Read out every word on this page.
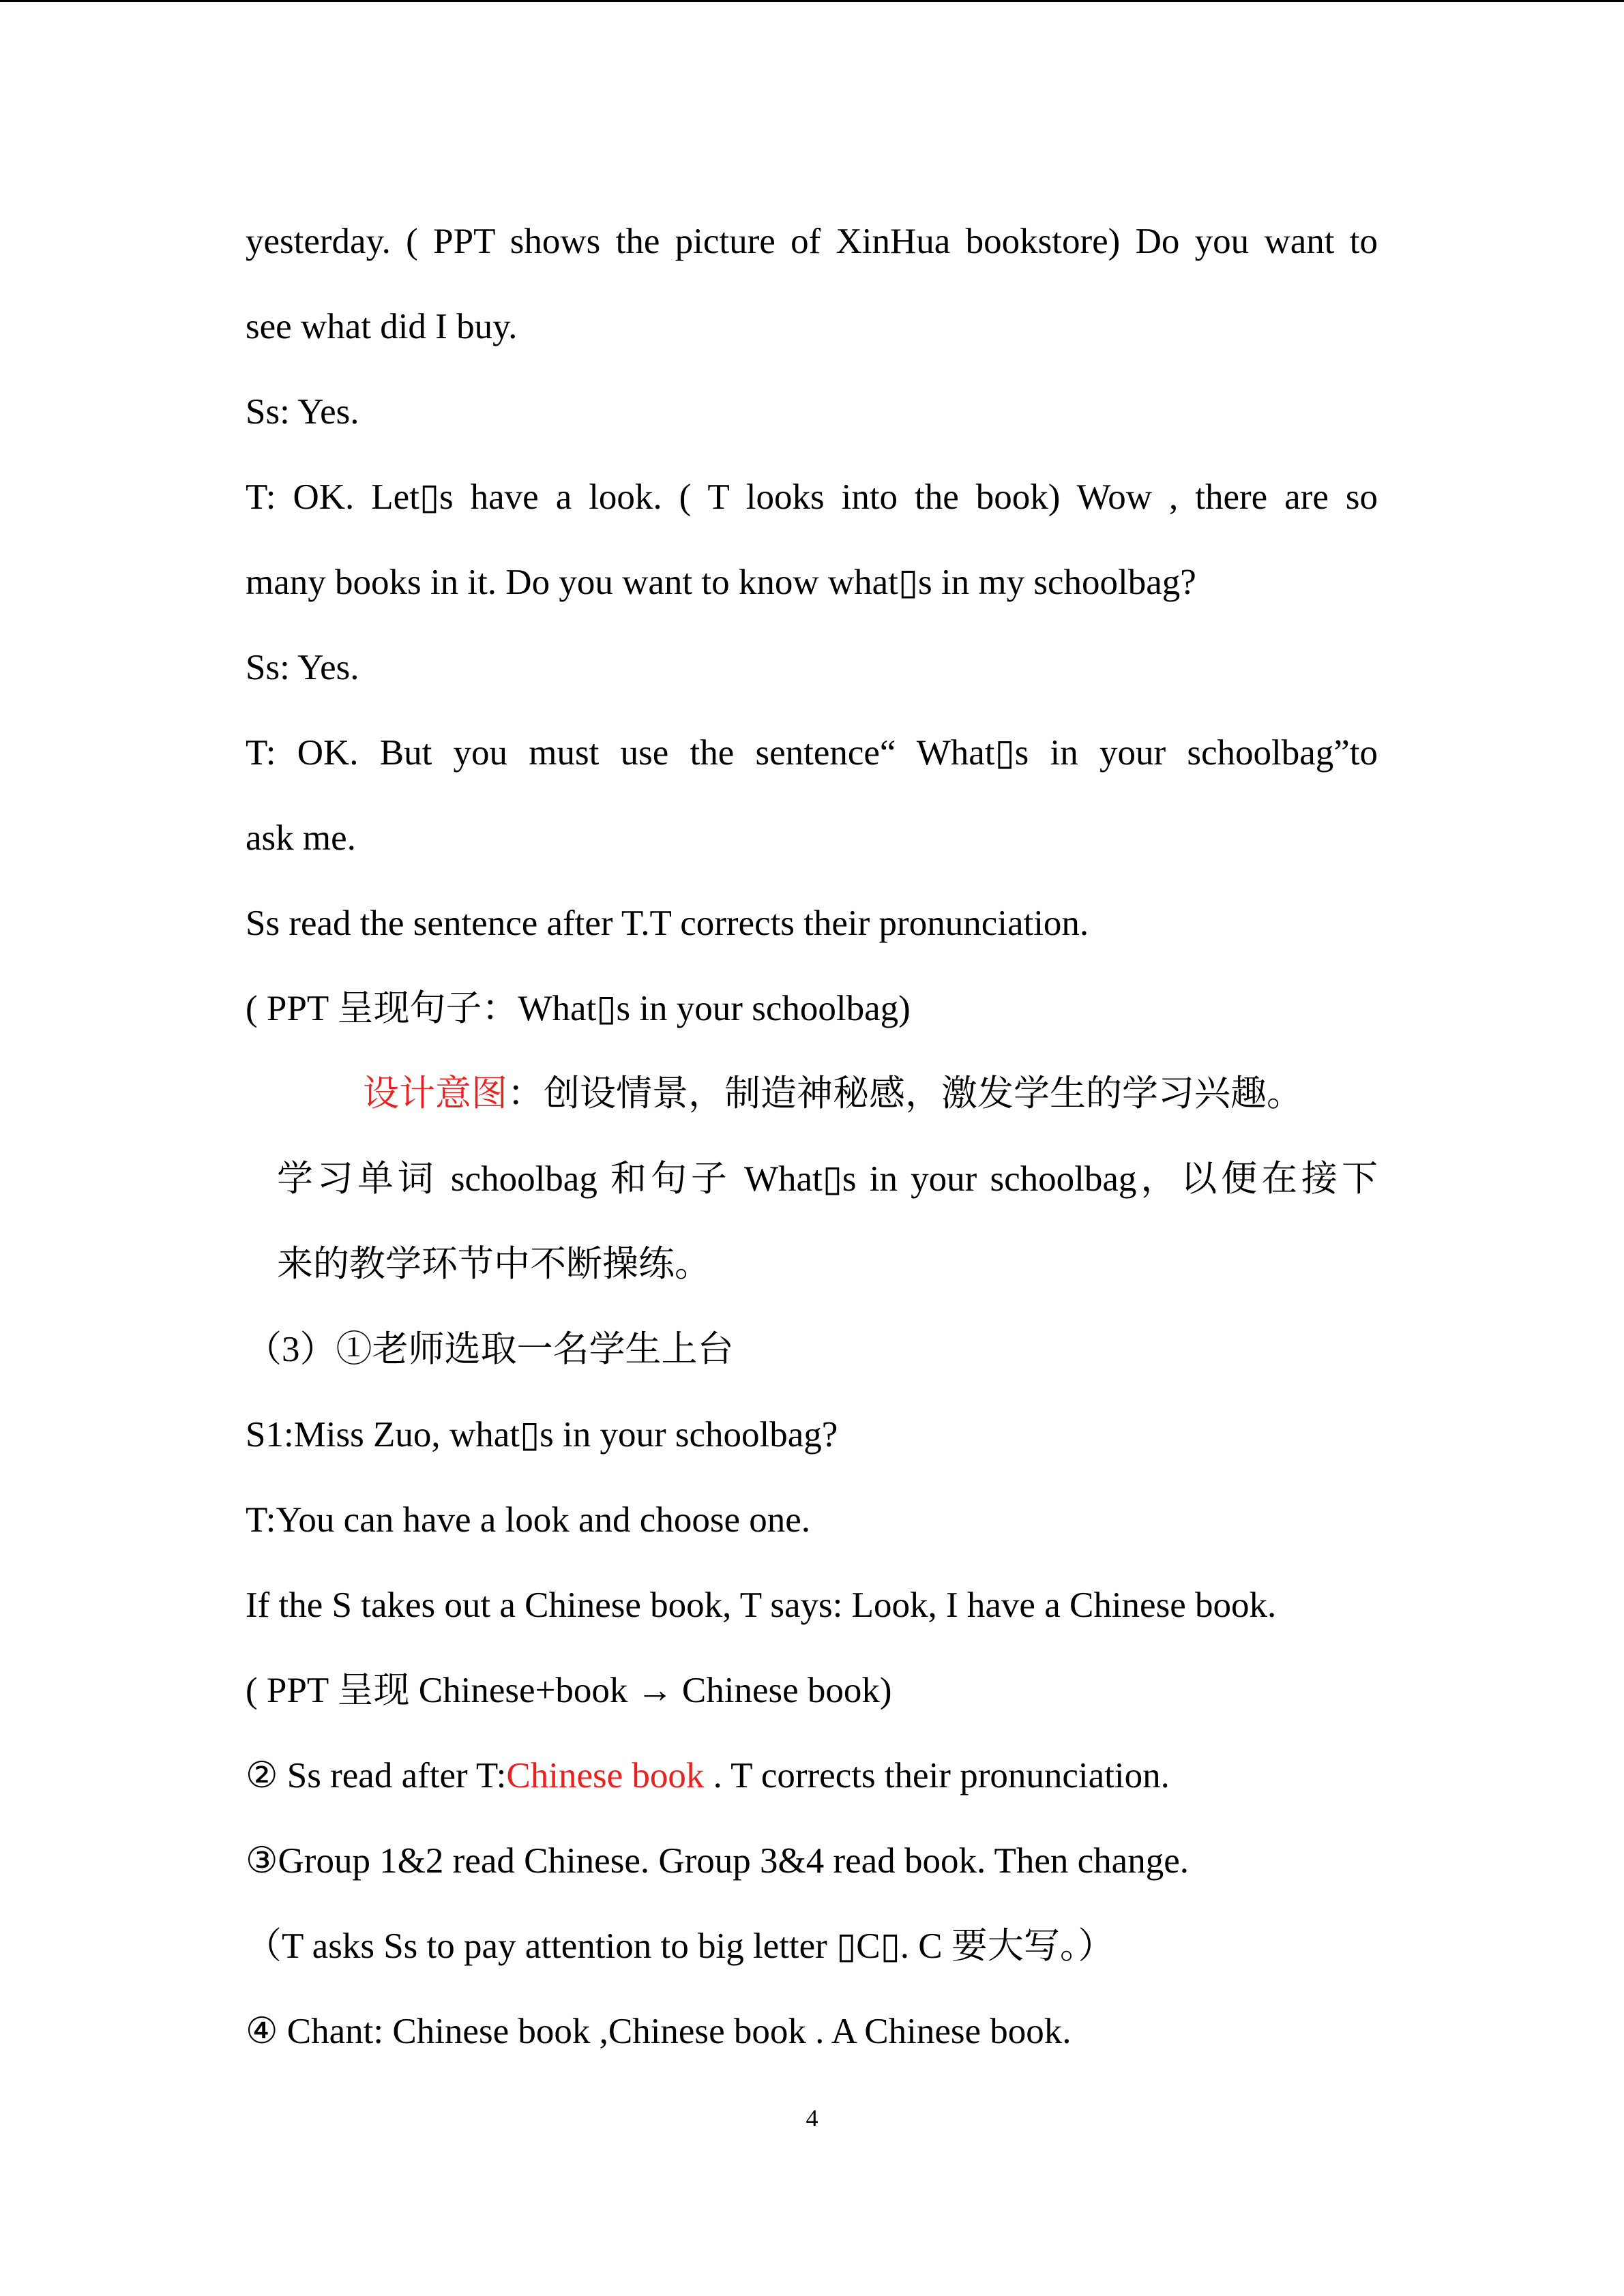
yesterday. ( PPT shows the picture of XinHua bookstore) Do you want to
see what did I buy.
Ss: Yes.
T: OK. Let▯s have a look. ( T looks into the book) Wow , there are so
many books in it. Do you want to know what▯s in my schoolbag?
Ss: Yes.
T: OK. But you must use the sentence“ What▯s in your schoolbag”to
ask me.
Ss read the sentence after T.T corrects their pronunciation.
( PPT 呈现句子：What▯s in your schoolbag)
设计意图：创设情景，制造神秘感，激发学生的学习兴趣。
学习单词 schoolbag 和句子 What▯s in your schoolbag，以便在接下
来的教学环节中不断操练。
（3）①老师选取一名学生上台
S1:Miss Zuo, what▯s in your schoolbag?
T:You can have a look and choose one.
If the S takes out a Chinese book, T says: Look, I have a Chinese book.
( PPT 呈现 Chinese+book → Chinese book)
② Ss read after T:Chinese book . T corrects their pronunciation.
③Group 1&2 read Chinese. Group 3&4 read book. Then change.
（T asks Ss to pay attention to big letter ▯C▯. C 要大写。）
④ Chant: Chinese book ,Chinese book . A Chinese book.
4
